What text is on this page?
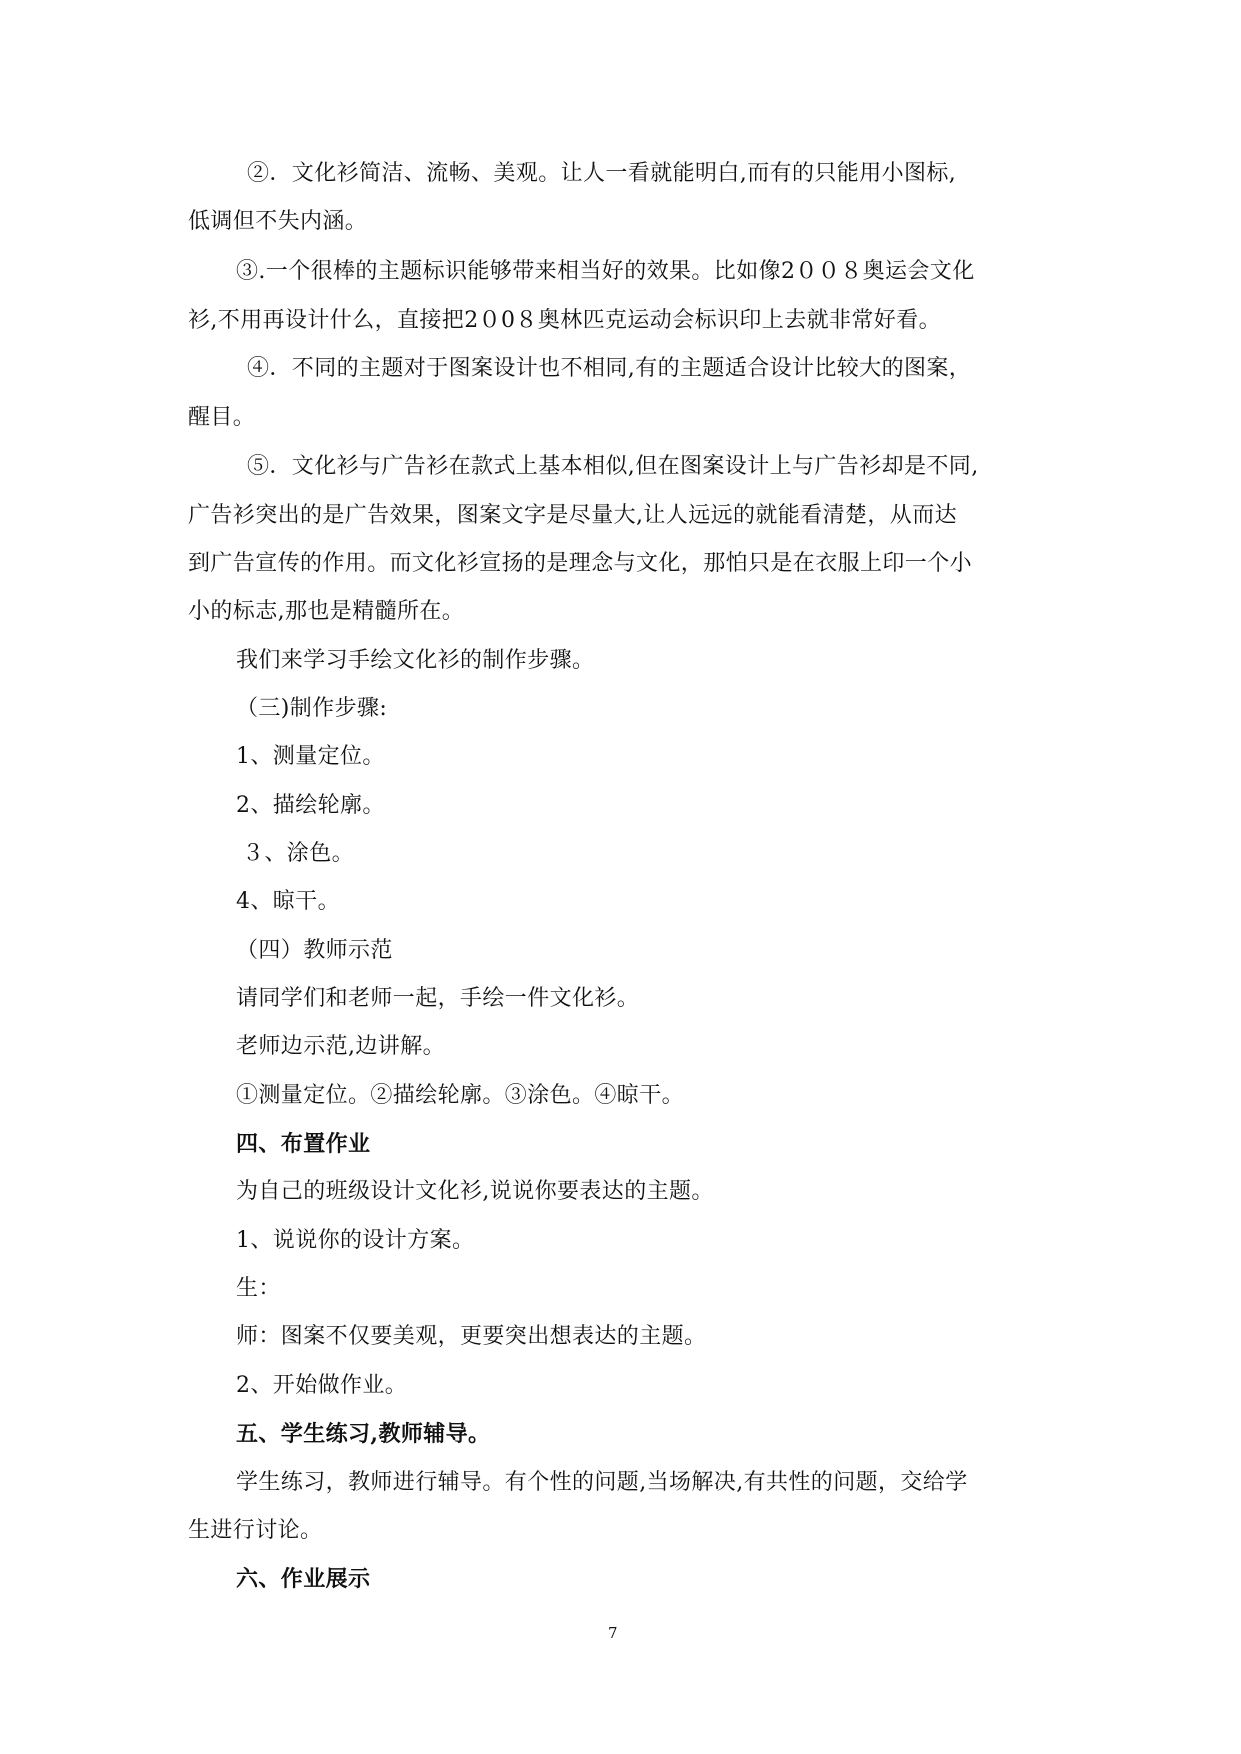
②．文化衫简洁、流畅、美观。让人一看就能明白,而有的只能用小图标,
低调但不失内涵。
③.一个很棒的主题标识能够带来相当好的效果。比如像2００８奥运会文化
衫,不用再设计什么，直接把2０0８奥林匹克运动会标识印上去就非常好看。
④．不同的主题对于图案设计也不相同,有的主题适合设计比较大的图案，
醒目。
⑤．文化衫与广告衫在款式上基本相似,但在图案设计上与广告衫却是不同,
广告衫突出的是广告效果，图案文字是尽量大,让人远远的就能看清楚，从而达
到广告宣传的作用。而文化衫宣扬的是理念与文化，那怕只是在衣服上印一个小
小的标志,那也是精髓所在。
我们来学习手绘文化衫的制作步骤。
（三)制作步骤:
1、测量定位。
2、描绘轮廓。
３、涂色。
4、晾干。
（四）教师示范
请同学们和老师一起，手绘一件文化衫。
老师边示范,边讲解。
①测量定位。②描绘轮廓。③涂色。④晾干。
四、布置作业
为自己的班级设计文化衫,说说你要表达的主题。
1、说说你的设计方案。
生：
师：图案不仅要美观，更要突出想表达的主题。
2、开始做作业。
五、学生练习,教师辅导。
学生练习，教师进行辅导。有个性的问题,当场解决,有共性的问题，交给学
生进行讨论。
六、作业展示
7
